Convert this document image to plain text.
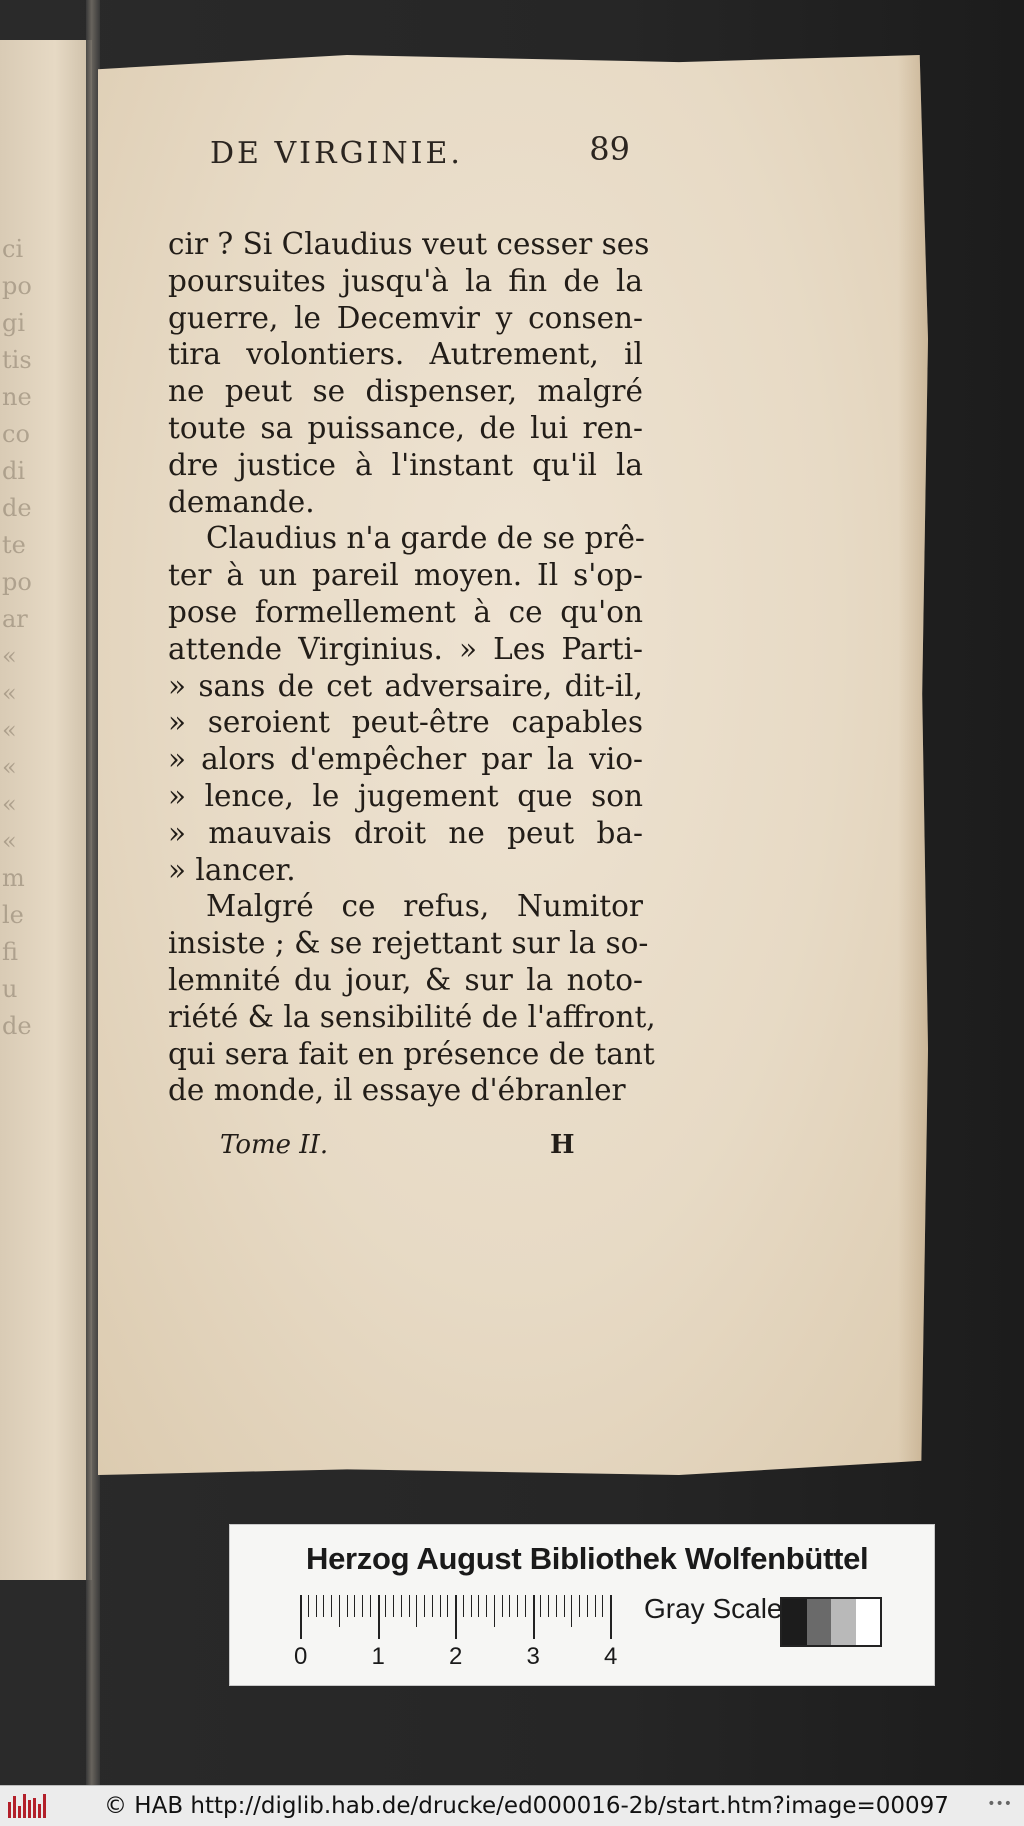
ci
po
gi
tis
ne
co
di
de
te
po
ar
«
«
«
«
«
«
m
le
fi
u
de
DE VIRGINIE.	89
cir ? Si Claudius veut cesser ses
poursuites jusqu'à la fin de la
guerre, le Decemvir y consen-
tira volontiers. Autrement, il
ne peut se dispenser, malgré
toute sa puissance, de lui ren-
dre justice à l'instant qu'il la
demande.
Claudius n'a garde de se prê-
ter à un pareil moyen. Il s'op-
pose formellement à ce qu'on
attende Virginius. » Les Parti-
» sans de cet adversaire, dit-il,
» seroient peut-être capables
» alors d'empêcher par la vio-
» lence, le jugement que son
» mauvais droit ne peut ba-
» lancer.
Malgré ce refus, Numitor
insiste ; & se rejettant sur la so-
lemnité du jour, & sur la noto-
riété & la sensibilité de l'affront,
qui sera fait en présence de tant
de monde, il essaye d'ébranler
Tome II.	H
Herzog August Bibliothek Wolfenbüttel
0	1	2	3	4
Gray Scale
© HAB http://diglib.hab.de/drucke/ed000016-2b/start.htm?image=00097	•••
